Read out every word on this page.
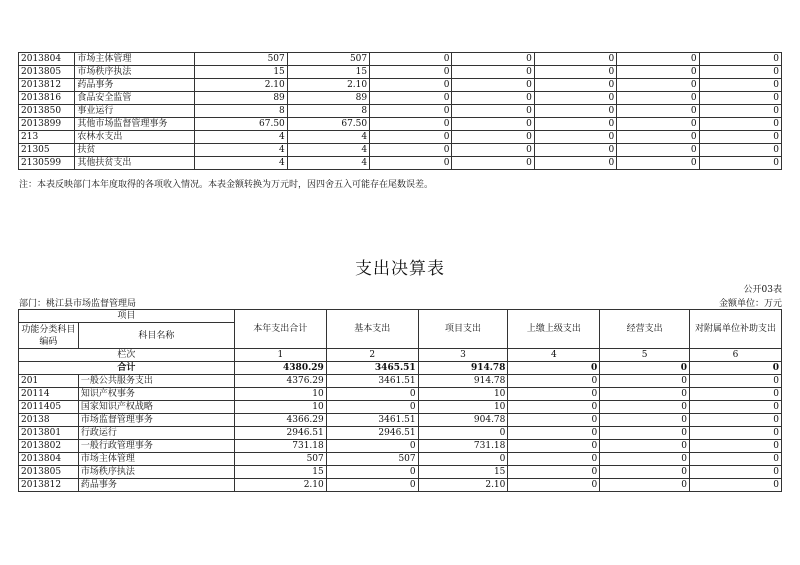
2013804	市场主体管理	507	507	0	0	0	0	0
2013805	市场秩序执法	15	15	0	0	0	0	0
2013812	药品事务	2.10	2.10	0	0	0	0	0
2013816	食品安全监管	89	89	0	0	0	0	0
2013850	事业运行	8	8	0	0	0	0	0
2013899	其他市场监督管理事务	67.50	67.50	0	0	0	0	0
213	农林水支出	4	4	0	0	0	0	0
21305	扶贫	4	4	0	0	0	0	0
2130599	其他扶贫支出	4	4	0	0	0	0	0
注：本表反映部门本年度取得的各项收入情况。本表金额转换为万元时，因四舍五入可能存在尾数误差。
支出决算表
公开03表
部门：桃江县市场监督管理局	金额单位：万元
项目		本年支出合计	基本支出	项目支出	上缴上级支出	经营支出	对附属单位补助支出
功能分类科目编码	科目名称						
栏次		1	2	3	4	5	6
合计		4380.29	3465.51	914.78	0	0	0
201	一般公共服务支出	4376.29	3461.51	914.78	0	0	0
20114	知识产权事务	10	0	10	0	0	0
2011405	国家知识产权战略	10	0	10	0	0	0
20138	市场监督管理事务	4366.29	3461.51	904.78	0	0	0
2013801	行政运行	2946.51	2946.51	0	0	0	0
2013802	一般行政管理事务	731.18	0	731.18	0	0	0
2013804	市场主体管理	507	507	0	0	0	0
2013805	市场秩序执法	15	0	15	0	0	0
2013812	药品事务	2.10	0	2.10	0	0	0
